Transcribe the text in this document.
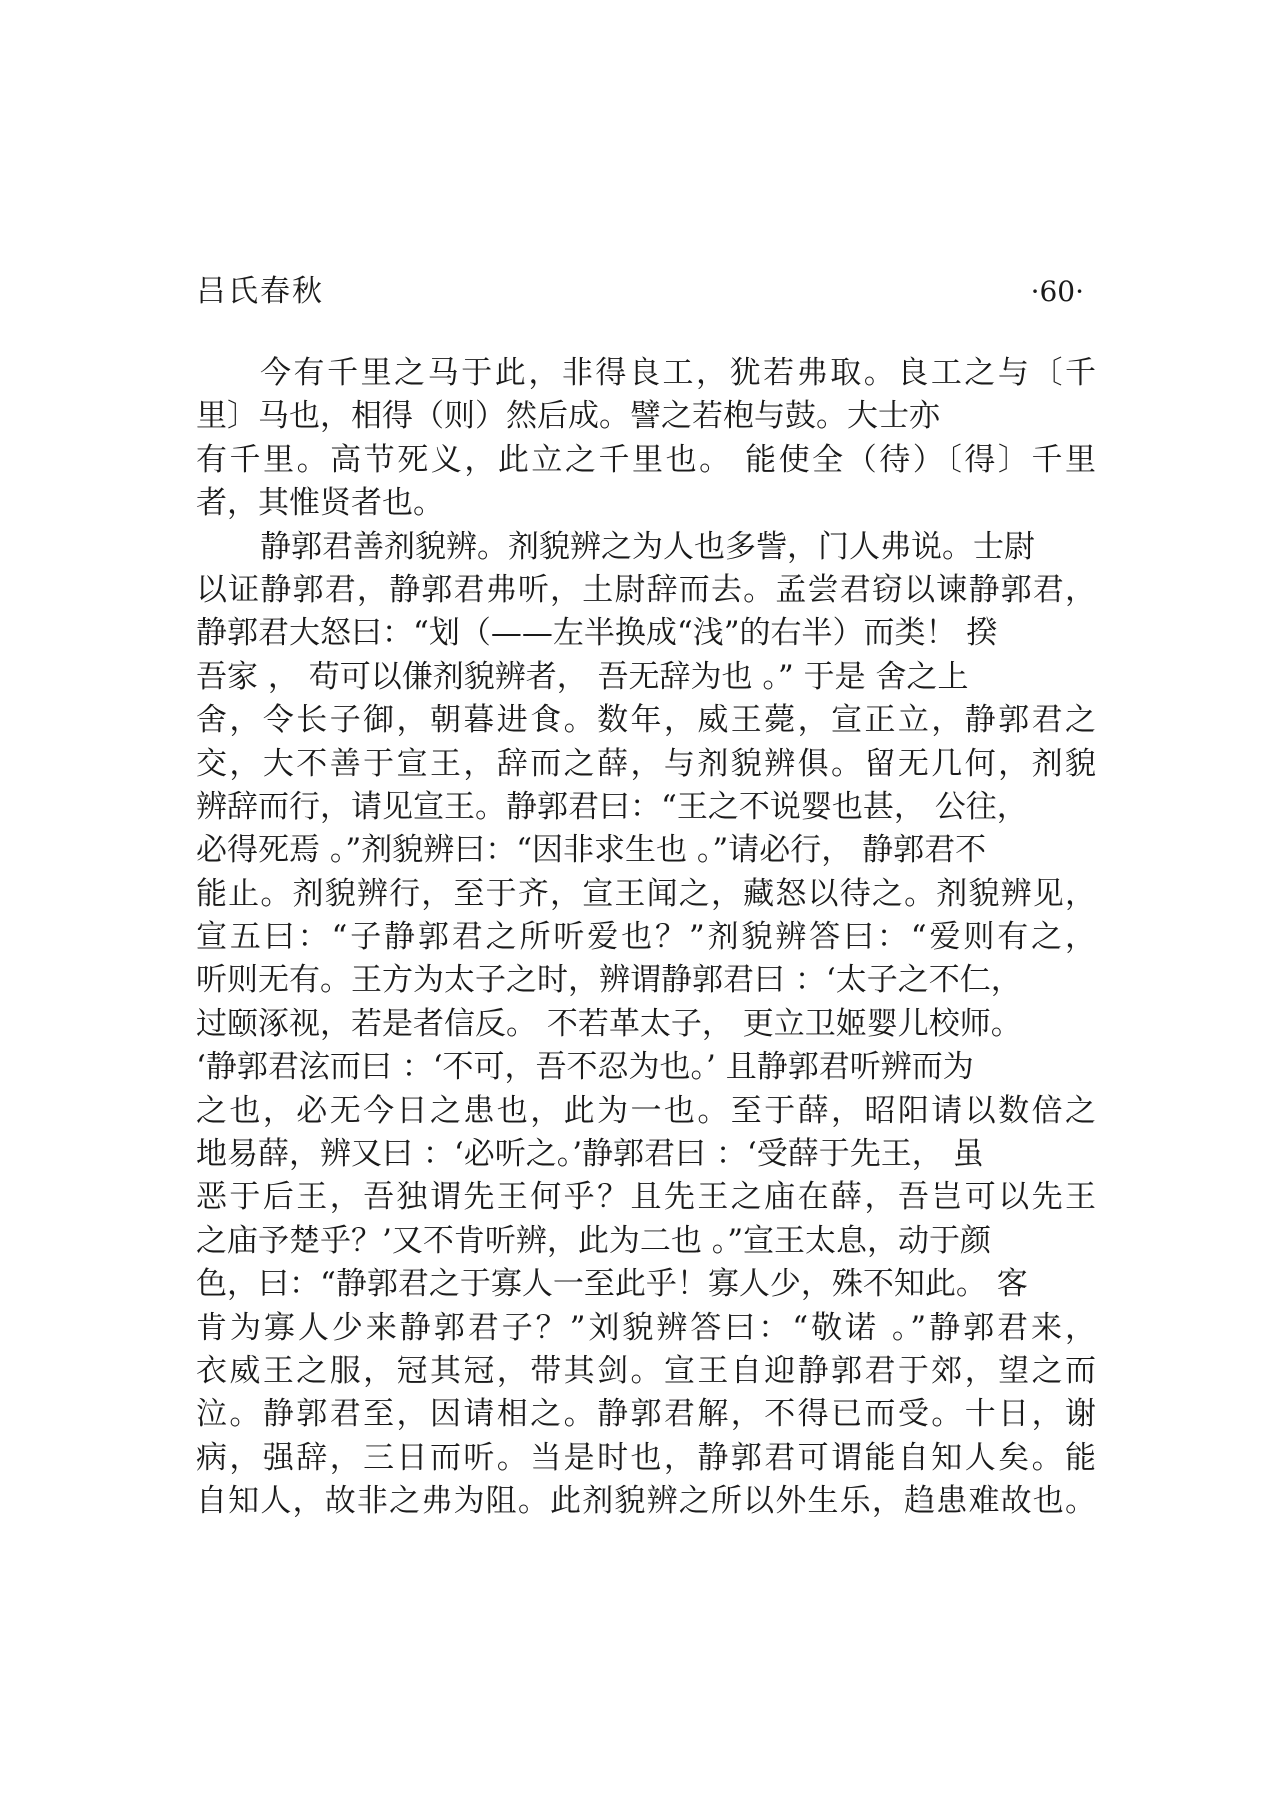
吕氏春秋	·60·
今有千里之马于此，非得良工，犹若弗取。良工之与〔千
里〕马也，相得（则）然后成。譬之若枹与鼓。大士亦
有千里。高节死义，此立之千里也。 能使全（待）〔得〕千里
者，其惟贤者也。
静郭君善剂貌辨。剂貌辨之为人也多訾，门人弗说。士尉
以证静郭君，静郭君弗听，土尉辞而去。孟尝君窃以谏静郭君，
静郭君大怒曰：“划（——左半换成“浅”的右半）而类！ 揆
吾家 ， 苟可以傔剂貌辨者， 吾无辞为也 。” 于是 舍之上
舍，令长子御，朝暮进食。数年，威王薨，宣正立，静郭君之
交，大不善于宣王，辞而之薛，与剂貌辨俱。留无几何，剂貌
辨辞而行，请见宣王。静郭君曰：“王之不说婴也甚， 公往，
必得死焉 。”剂貌辨曰：“因非求生也 。”请必行， 静郭君不
能止。剂貌辨行，至于齐，宣王闻之，藏怒以待之。剂貌辨见，
宣五曰：“子静郭君之所听爱也？”剂貌辨答曰：“爱则有之，
听则无有。王方为太子之时，辨谓静郭君曰 ：‘太子之不仁，
过颐涿视，若是者信反。 不若革太子， 更立卫姬婴儿校师。
‘静郭君泫而曰 ：‘不可，吾不忍为也。’ 且静郭君听辨而为
之也，必无今日之患也，此为一也。至于薛，昭阳请以数倍之
地易薛，辨又曰 ：‘必听之。’静郭君曰 ：‘受薛于先王， 虽
恶于后王，吾独谓先王何乎？且先王之庙在薛，吾岂可以先王
之庙予楚乎？’又不肯听辨，此为二也 。”宣王太息，动于颜
色，曰：“静郭君之于寡人一至此乎！寡人少，殊不知此。 客
肯为寡人少来静郭君子？”刘貌辨答曰：“敬诺 。”静郭君来，
衣威王之服，冠其冠，带其剑。宣王自迎静郭君于郊，望之而
泣。静郭君至，因请相之。静郭君解，不得已而受。十日，谢
病，强辞，三日而听。当是时也，静郭君可谓能自知人矣。能
自知人，故非之弗为阻。此剂貌辨之所以外生乐，趋患难故也。
